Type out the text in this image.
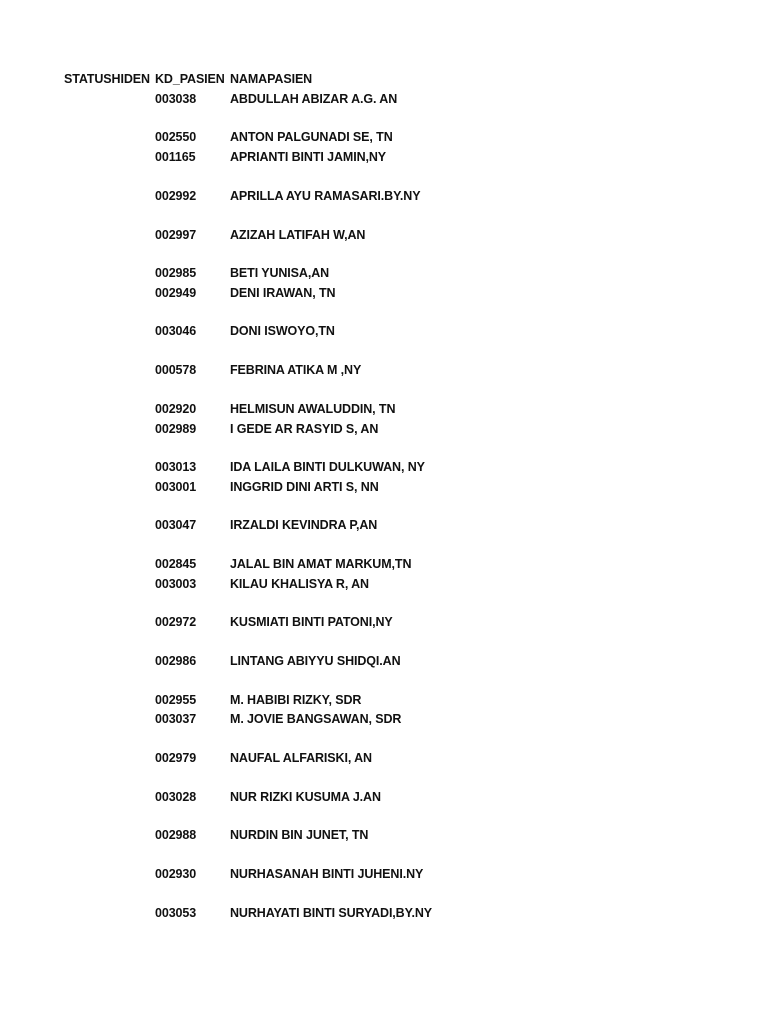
STATUSHIDEN KD_PASIEN NAMAPASIEN
003038	ABDULLAH ABIZAR A.G. AN
002550	ANTON PALGUNADI SE, TN
001165	APRIANTI BINTI JAMIN,NY
002992	APRILLA AYU RAMASARI.BY.NY
002997	AZIZAH LATIFAH W,AN
002985	BETI YUNISA,AN
002949	DENI IRAWAN, TN
003046	DONI ISWOYO,TN
000578	FEBRINA ATIKA M ,NY
002920	HELMISUN AWALUDDIN, TN
002989	I GEDE AR RASYID S, AN
003013	IDA LAILA BINTI DULKUWAN, NY
003001	INGGRID DINI ARTI S, NN
003047	IRZALDI KEVINDRA P,AN
002845	JALAL BIN AMAT MARKUM,TN
003003	KILAU KHALISYA R, AN
002972	KUSMIATI BINTI PATONI,NY
002986	LINTANG ABIYYU SHIDQI.AN
002955	M. HABIBI RIZKY, SDR
003037	M. JOVIE BANGSAWAN, SDR
002979	NAUFAL ALFARISKI, AN
003028	NUR RIZKI KUSUMA J.AN
002988	NURDIN BIN JUNET, TN
002930	NURHASANAH BINTI JUHENI.NY
003053	NURHAYATI BINTI SURYADI,BY.NY
